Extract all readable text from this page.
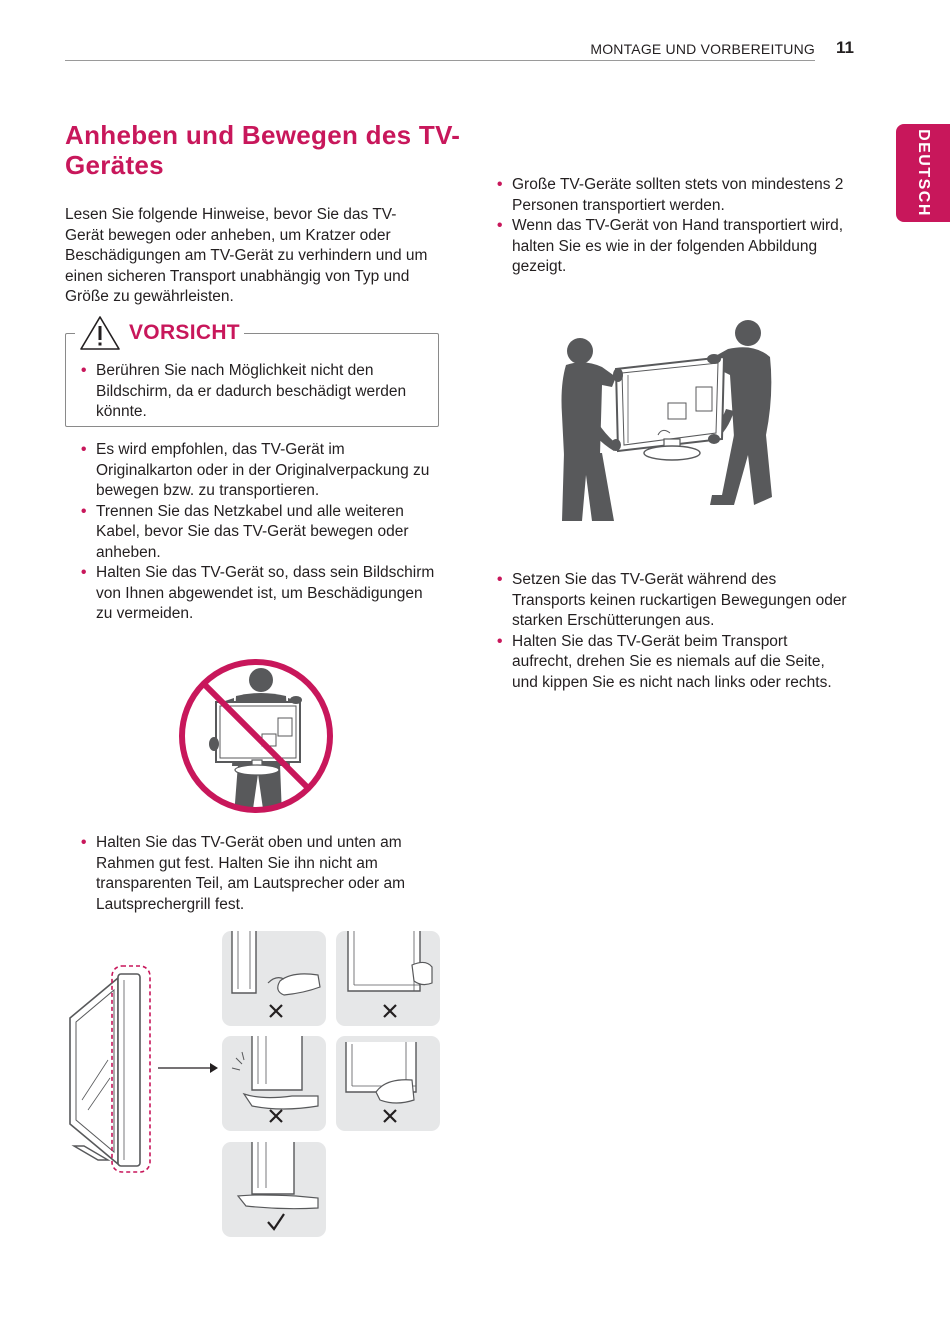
MONTAGE UND VORBEREITUNG 11
DEUTSCH
Anheben und Bewegen des TV-Gerätes

Lesen Sie folgende Hinweise, bevor Sie das TV-Gerät bewegen oder anheben, um Kratzer oder Beschädigungen am TV-Gerät zu verhindern und um einen sicheren Transport unabhängig von Typ und Größe zu gewährleisten.

VORSICHT
• Berühren Sie nach Möglichkeit nicht den Bildschirm, da er dadurch beschädigt werden könnte.
• Es wird empfohlen, das TV-Gerät im Originalkarton oder in der Originalverpackung zu bewegen bzw. zu transportieren.
• Trennen Sie das Netzkabel und alle weiteren Kabel, bevor Sie das TV-Gerät bewegen oder anheben.
• Halten Sie das TV-Gerät so, dass sein Bildschirm von Ihnen abgewendet ist, um Beschädigungen zu vermeiden.
• Halten Sie das TV-Gerät oben und unten am Rahmen gut fest. Halten Sie ihn nicht am transparenten Teil, am Lautsprecher oder am Lautsprechergrill fest.
• Große TV-Geräte sollten stets von mindestens 2 Personen transportiert werden.
• Wenn das TV-Gerät von Hand transportiert wird, halten Sie es wie in der folgenden Abbildung gezeigt.
• Setzen Sie das TV-Gerät während des Transports keinen ruckartigen Bewegungen oder starken Erschütterungen aus.
• Halten Sie das TV-Gerät beim Transport aufrecht, drehen Sie es niemals auf die Seite, und kippen Sie es nicht nach links oder rechts.
